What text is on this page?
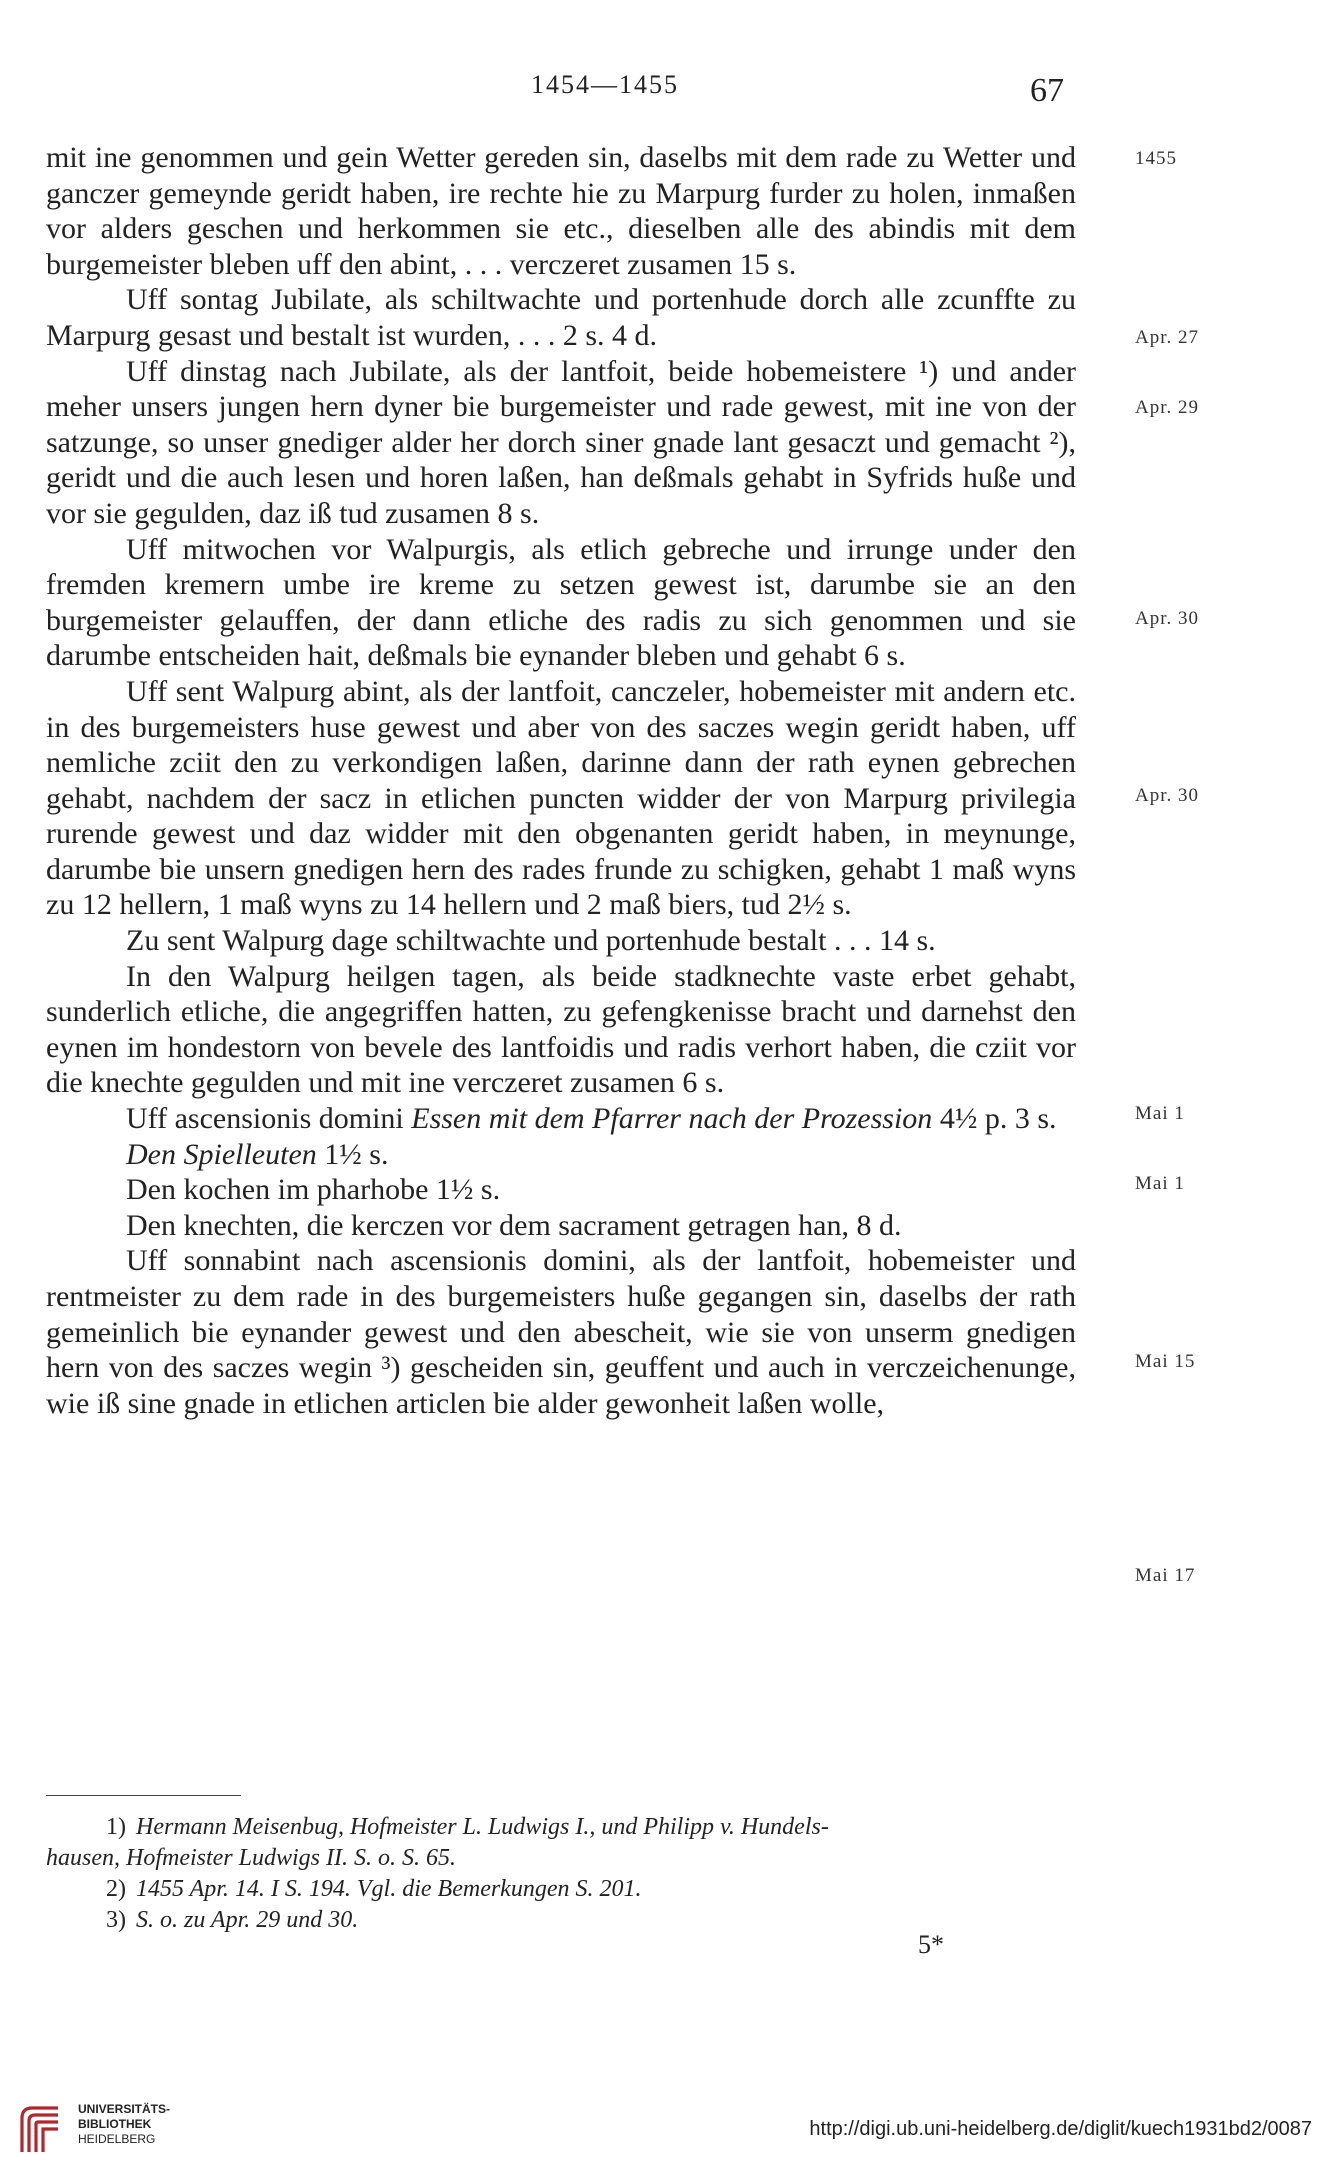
1454—1455	67
1455
Apr. 27
Apr. 29
Apr. 30
Apr. 30
Mai 1
Mai 1
Mai 15
Mai 17

mit ine genommen und gein Wetter gereden sin, daselbs mit dem rade zu Wetter und ganczer gemeynde geridt haben, ire rechte hie zu Marpurg furder zu holen, inmaßen vor alders geschen und herkommen sie etc., dieselben alle des abindis mit dem burgemeister bleben uff den abint, . . . verczeret zusamen 15 s.

Uff sontag Jubilate, als schiltwachte und portenhude dorch alle zcunffte zu Marpurg gesast und bestalt ist wurden, . . . 2 s. 4 d.

Uff dinstag nach Jubilate, als der lantfoit, beide hobemeistere ¹) und ander meher unsers jungen hern dyner bie burgemeister und rade gewest, mit ine von der satzunge, so unser gnediger alder her dorch siner gnade lant gesaczt und gemacht ²), geridt und die auch lesen und horen laßen, han deßmals gehabt in Syfrids huße und vor sie gegulden, daz iß tud zusamen 8 s.

Uff mitwochen vor Walpurgis, als etlich gebreche und irrunge under den fremden kremern umbe ire kreme zu setzen gewest ist, darumbe sie an den burgemeister gelauffen, der dann etliche des radis zu sich genommen und sie darumbe entscheiden hait, deßmals bie eynander bleben und gehabt 6 s.

Uff sent Walpurg abint, als der lantfoit, canczeler, hobemeister mit andern etc. in des burgemeisters huse gewest und aber von des saczes wegin geridt haben, uff nemliche zciit den zu verkondigen laßen, darinne dann der rath eynen gebrechen gehabt, nachdem der sacz in etlichen puncten widder der von Marpurg privilegia rurende gewest und daz widder mit den obgenanten geridt haben, in meynunge, darumbe bie unsern gnedigen hern des rades frunde zu schigken, gehabt 1 maß wyns zu 12 hellern, 1 maß wyns zu 14 hellern und 2 maß biers, tud 2½ s.

Zu sent Walpurg dage schiltwachte und portenhude bestalt . . . 14 s.

In den Walpurg heilgen tagen, als beide stadknechte vaste erbet gehabt, sunderlich etliche, die angegriffen hatten, zu gefengkenisse bracht und darnehst den eynen im hondestorn von bevele des lantfoidis und radis verhort haben, die cziit vor die knechte gegulden und mit ine verczeret zusamen 6 s.

Uff ascensionis domini Essen mit dem Pfarrer nach der Prozession 4½ p. 3 s.

Den Spielleuten 1½ s.

Den kochen im pharhobe 1½ s.

Den knechten, die kerczen vor dem sacrament getragen han, 8 d.

Uff sonnabint nach ascensionis domini, als der lantfoit, hobemeister und rentmeister zu dem rade in des burgemeisters huße gegangen sin, daselbs der rath gemeinlich bie eynander gewest und den abescheit, wie sie von unserm gnedigen hern von des saczes wegin ³) gescheiden sin, geuffent und auch in verczeichenunge, wie iß sine gnade in etlichen articlen bie alder gewonheit laßen wolle,

1) Hermann Meisenbug, Hofmeister L. Ludwigs I., und Philipp v. Hundels-

hausen, Hofmeister Ludwigs II. S. o. S. 65.

2) 1455 Apr. 14. I S. 194. Vgl. die Bemerkungen S. 201.

3) S. o. zu Apr. 29 und 30.

5*
UNIVERSITÄTS-
BIBLIOTHEK
HEIDELBERG	http://digi.ub.uni-heidelberg.de/diglit/kuech1931bd2/0087
